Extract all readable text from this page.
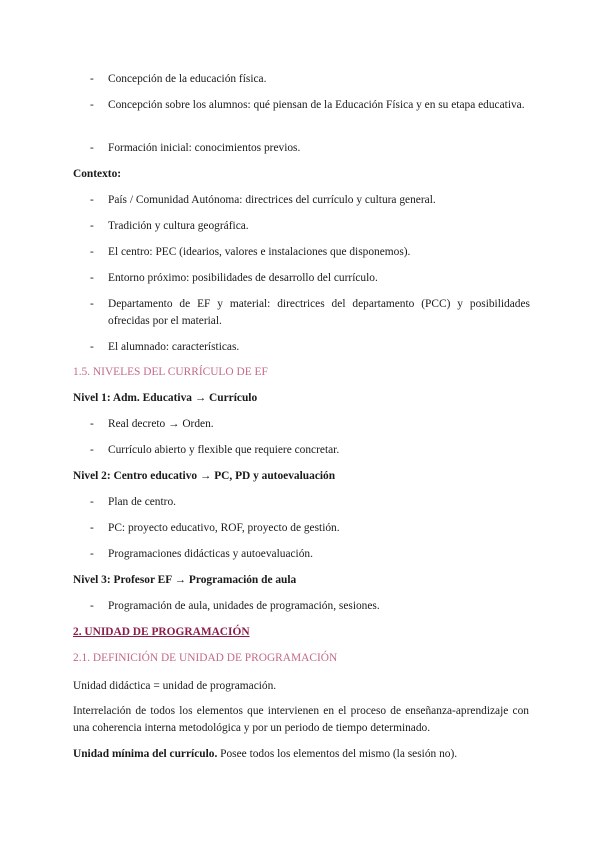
-	Concepción de la educación física.

-	Concepción sobre los alumnos: qué piensan de la Educación Física y en su etapa educativa.

-	Formación inicial: conocimientos previos.

Contexto:

-	País / Comunidad Autónoma: directrices del currículo y cultura general.

-	Tradición y cultura geográfica.

-	El centro: PEC (idearios, valores e instalaciones que disponemos).

-	Entorno próximo: posibilidades de desarrollo del currículo.

-	Departamento de EF y material: directrices del departamento (PCC) y posibilidades ofrecidas por el material.

-	El alumnado: características.

1.5. NIVELES DEL CURRÍCULO DE EF

Nivel 1: Adm. Educativa → Currículo

-	Real decreto → Orden.

-	Currículo abierto y flexible que requiere concretar.

Nivel 2: Centro educativo → PC, PD y autoevaluación

-	Plan de centro.

-	PC: proyecto educativo, ROF, proyecto de gestión.

-	Programaciones didácticas y autoevaluación.

Nivel 3: Profesor EF → Programación de aula

-	Programación de aula, unidades de programación, sesiones.

2. UNIDAD DE PROGRAMACIÓN

2.1. DEFINICIÓN DE UNIDAD DE PROGRAMACIÓN

Unidad didáctica = unidad de programación.

Interrelación de todos los elementos que intervienen en el proceso de enseñanza-aprendizaje con una coherencia interna metodológica y por un periodo de tiempo determinado.

Unidad mínima del currículo. Posee todos los elementos del mismo (la sesión no).
